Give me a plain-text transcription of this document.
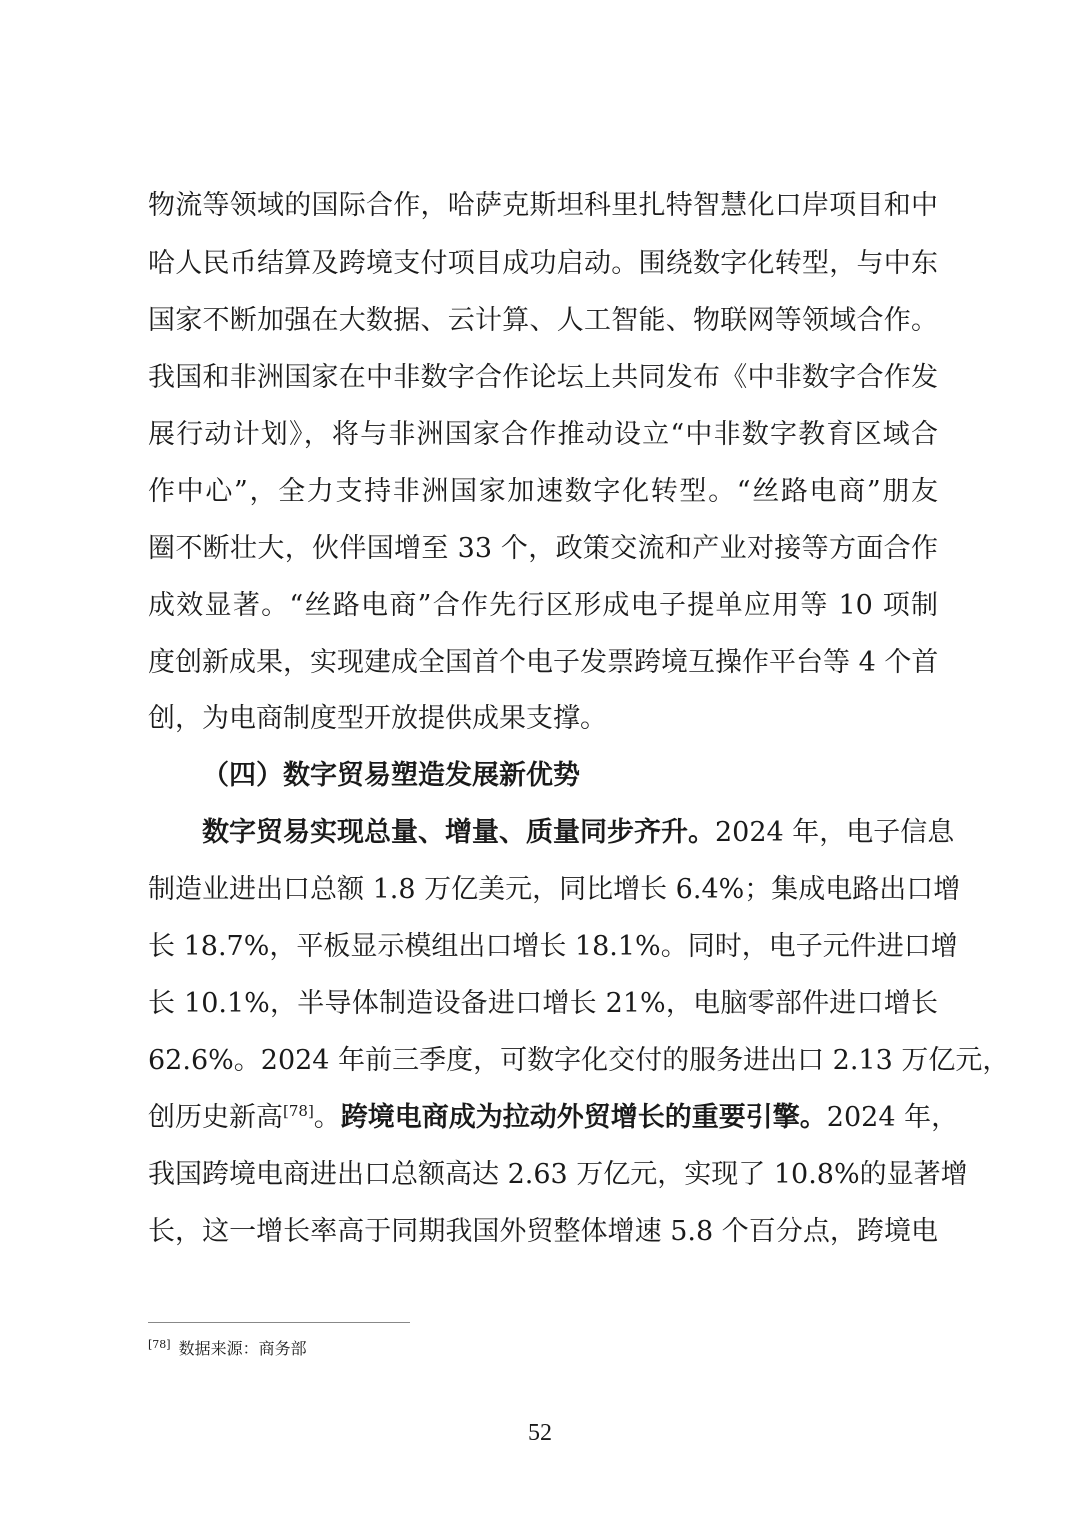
物流等领域的国际合作，哈萨克斯坦科里扎特智慧化口岸项目和中
哈人民币结算及跨境支付项目成功启动。围绕数字化转型，与中东
国家不断加强在大数据、云计算、人工智能、物联网等领域合作。
我国和非洲国家在中非数字合作论坛上共同发布《中非数字合作发
展行动计划》，将与非洲国家合作推动设立“中非数字教育区域合
作中心”，全力支持非洲国家加速数字化转型。“丝路电商”朋友
圈不断壮大，伙伴国增至 33 个，政策交流和产业对接等方面合作
成效显著。“丝路电商”合作先行区形成电子提单应用等 10 项制
度创新成果，实现建成全国首个电子发票跨境互操作平台等 4 个首
创，为电商制度型开放提供成果支撑。
（四）数字贸易塑造发展新优势
数字贸易实现总量、增量、质量同步齐升。2024 年，电子信息
制造业进出口总额 1.8 万亿美元，同比增长 6.4%；集成电路出口增
长 18.7%，平板显示模组出口增长 18.1%。同时，电子元件进口增
长 10.1%，半导体制造设备进口增长 21%，电脑零部件进口增长
62.6%。2024 年前三季度，可数字化交付的服务进出口 2.13 万亿元，
创历史新高[78]。跨境电商成为拉动外贸增长的重要引擎。2024 年，
我国跨境电商进出口总额高达 2.63 万亿元，实现了 10.8%的显著增
长，这一增长率高于同期我国外贸整体增速 5.8 个百分点，跨境电
[78] 数据来源：商务部
52
